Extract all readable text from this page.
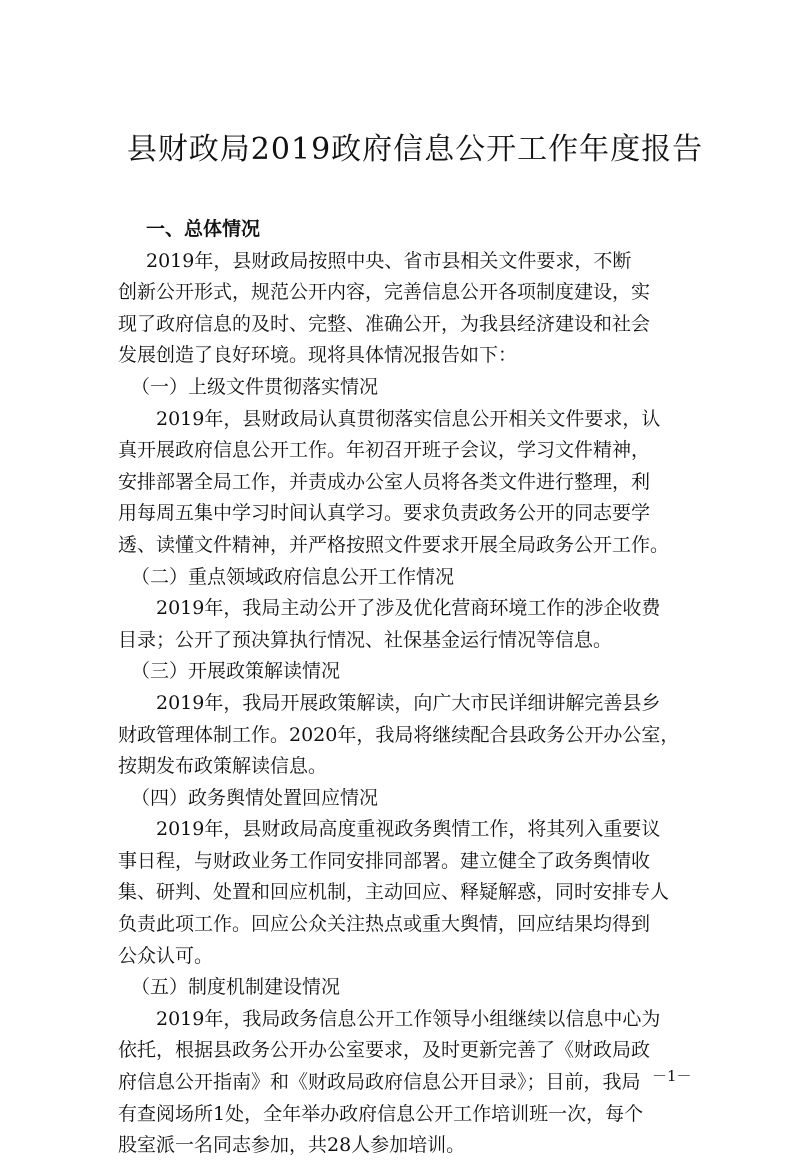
县财政局2019政府信息公开工作年度报告

一、总体情况

2019年，县财政局按照中央、省市县相关文件要求，不断
创新公开形式，规范公开内容，完善信息公开各项制度建设，实
现了政府信息的及时、完整、准确公开，为我县经济建设和社会
发展创造了良好环境。现将具体情况报告如下：

（一）上级文件贯彻落实情况

2019年，县财政局认真贯彻落实信息公开相关文件要求，认
真开展政府信息公开工作。年初召开班子会议，学习文件精神，
安排部署全局工作，并责成办公室人员将各类文件进行整理，利
用每周五集中学习时间认真学习。要求负责政务公开的同志要学
透、读懂文件精神，并严格按照文件要求开展全局政务公开工作。

（二）重点领域政府信息公开工作情况

2019年，我局主动公开了涉及优化营商环境工作的涉企收费
目录；公开了预决算执行情况、社保基金运行情况等信息。

（三）开展政策解读情况

2019年，我局开展政策解读，向广大市民详细讲解完善县乡
财政管理体制工作。2020年，我局将继续配合县政务公开办公室，
按期发布政策解读信息。

（四）政务舆情处置回应情况

2019年，县财政局高度重视政务舆情工作，将其列入重要议
事日程，与财政业务工作同安排同部署。建立健全了政务舆情收
集、研判、处置和回应机制，主动回应、释疑解惑，同时安排专人
负责此项工作。回应公众关注热点或重大舆情，回应结果均得到
公众认可。

（五）制度机制建设情况

2019年，我局政务信息公开工作领导小组继续以信息中心为
依托，根据县政务公开办公室要求，及时更新完善了《财政局政
府信息公开指南》和《财政局政府信息公开目录》；目前，我局
有查阅场所1处，全年举办政府信息公开工作培训班一次，每个
股室派一名同志参加，共28人参加培训。

－1－
